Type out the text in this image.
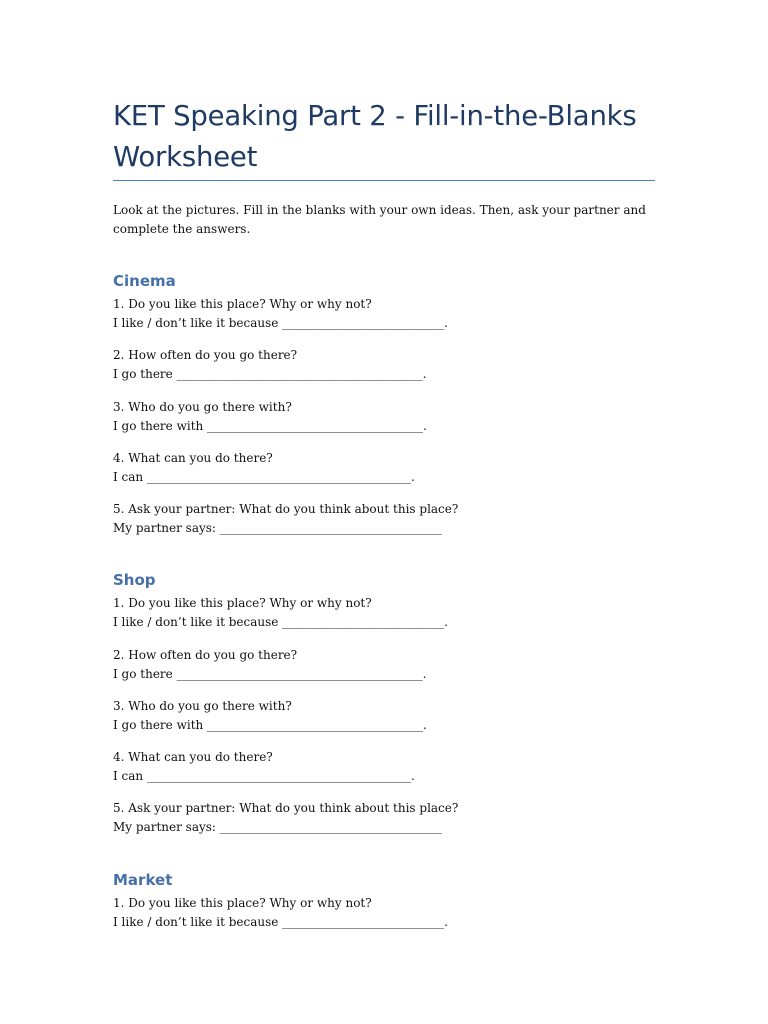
KET Speaking Part 2 - Fill-in-the-Blanks Worksheet
Look at the pictures. Fill in the blanks with your own ideas. Then, ask your partner and complete the answers.
Cinema
1. Do you like this place? Why or why not?
I like / don’t like it because ___________________________.
2. How often do you go there?
I go there _________________________________________.
3. Who do you go there with?
I go there with ____________________________________.
4. What can you do there?
I can ____________________________________________.
5. Ask your partner: What do you think about this place?
My partner says: _____________________________________
Shop
1. Do you like this place? Why or why not?
I like / don’t like it because ___________________________.
2. How often do you go there?
I go there _________________________________________.
3. Who do you go there with?
I go there with ____________________________________.
4. What can you do there?
I can ____________________________________________.
5. Ask your partner: What do you think about this place?
My partner says: _____________________________________
Market
1. Do you like this place? Why or why not?
I like / don’t like it because ___________________________.
